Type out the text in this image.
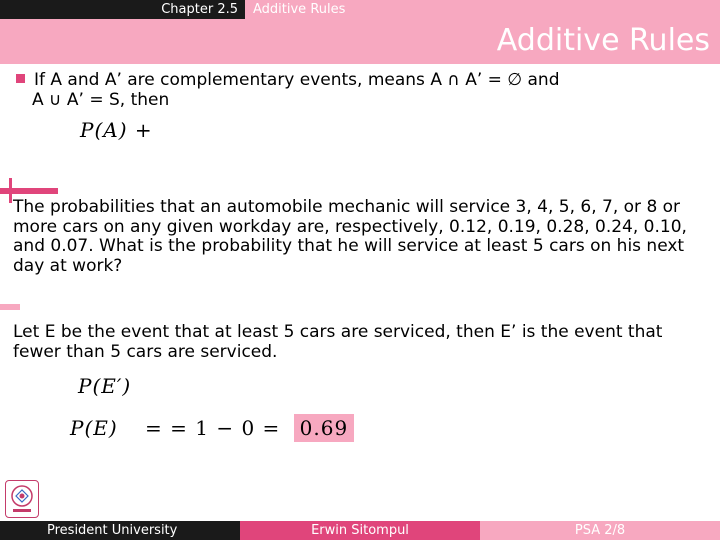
Chapter 2.5	Additive Rules
Additive Rules
If A and A’ are complementary events, means A ∩ A’ = ∅ and
A ∪ A’ = S, then
P(A) +
The probabilities that an automobile mechanic will service 3, 4, 5, 6, 7, or 8 or more cars on any given workday are, respectively, 0.12, 0.19, 0.28, 0.24, 0.10, and 0.07. What is the probability that he will service at least 5 cars on his next day at work?
Let E be the event that at least 5 cars are serviced, then E’ is the event that fewer than 5 cars are serviced.
P(E′)
P(E) = = 1 − 0 = 0.69
President University	Erwin Sitompul	PSA 2/8
